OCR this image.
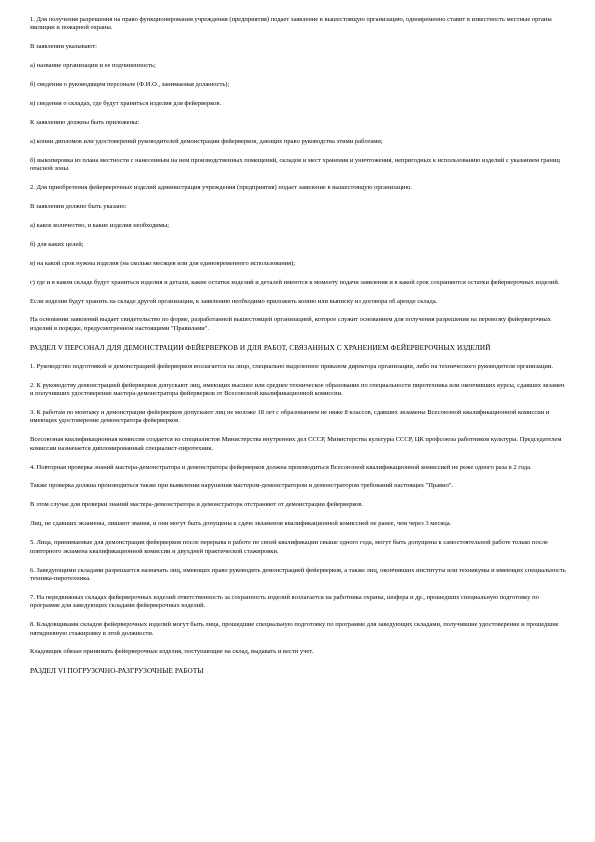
1. Для получения разрешения на право функционирования учреждения (предприятия) подает заявление в вышестоящую организацию, одновременно ставит в известность местные органы милиции и пожарной охраны.

В заявлении указывают:

а) название организации и ее подчиненность;

б) сведения о руководящем персонале (Ф.И.О., занимаемая должность);

в) сведения о складах, где будут храниться изделия для фейерверков.

К заявлению должны быть приложены:

а) копии дипломов или удостоверений руководителей демонстрации фейерверков, дающих право руководства этими работами;

б) выкопировка из плана местности с нанесенным на нем производственных помещений, складов и мест хранения и уничтожения, непригодных к использованию изделий с указанием границ опасной зоны.

2. Для приобретения фейерверочных изделий администрация учреждения (предприятия) подает заявление в вышестоящую организацию.

В заявлении должно быть указано:

а) какое количество, и какие изделия необходимы;

б) для каких целей;

в) на какой срок нужны изделия (на сколько месяцев или для единовременного использования);

г) где и в каком складе будут храниться изделия и детали, какие остатки изделий и деталей имеются к моменту подачи заявления и в какой срок сохраняются остатки фейерверочных изделий.

Если изделия будут хранить на складе другой организации, к заявлению необходимо приложить копию или выписку из договора об аренде склада.

На основании заявлений выдает свидетельство по форме, разработанной вышестоящей организацией, которое служит основанием для получения разрешения на перевозку фейерверочных изделий в порядке, предусмотренном настоящими "Правилами".

РАЗДЕЛ V ПЕРСОНАЛ ДЛЯ ДЕМОНСТРАЦИИ ФЕЙЕРВЕРКОВ И ДЛЯ РАБОТ, СВЯЗАННЫХ С ХРАНЕНИЕМ ФЕЙЕРВЕРОЧНЫХ ИЗДЕЛИЙ

1. Руководство подготовкой и демонстрацией фейерверков возлагается на лицо, специально выделенное приказом директора организации, либо на технического руководителя организации.

2. К руководству демонстрацией фейерверков допускают лиц, имеющих высшее или среднее техническое образование по специальности пиротехника или окончивших курсы, сдавших экзамен и получивших удостоверение мастера-демонстратора фейерверков от Всесоюзной квалификационной комиссии.

3. К работам по монтажу и демонстрации фейерверков допускают лиц не моложе 18 лет с образованием не ниже 8 классов, сдавших экзамены Всесоюзной квалификационной комиссии и имеющих удостоверение демонстратора фейерверков.

Всесоюзная квалификационная комиссия создается из специалистов Министерства внутренних дел СССР, Министерства культуры СССР, ЦК профсоюза работников культуры. Председателем комиссии назначается дипломированный специалист-пиротехник.

4. Повторная проверка знаний мастера-демонстратора и демонстратора фейерверков должна производиться Всесоюзной квалификационной комиссией не реже одного раза в 2 года.

Также проверка должна производиться также при выявлении нарушения мастером-демонстратором и демонстратором требований настоящих "Правил".

В этом случае для проверки знаний мастера-демонстратора и демонстратора отстраняют от демонстрации фейерверков.

Лиц, не сдавших экзамены, лишают звания, и они могут быть допущены к сдаче экзаменов квалификационной комиссией не ранее, чем через 3 месяца.

5. Лица, принимаемые для демонстрации фейерверков после перерыва в работе по своей квалификации свыше одного года, могут быть допущены к самостоятельной работе только после повторного экзамена квалификационной комиссии и двухдней практической стажировки.

6. Заведующими складами разрешается назначать лиц, имеющих право руководить демонстрацией фейерверков, а также лиц, окончивших институты или техникумы и имеющих специальность техника-пиротехника.

7. На передвижных складах фейерверочных изделий ответственность за сохранность изделий возлагается на работника охраны, шофера и др., прошедших специальную подготовку по программе для заведующих складами фейерверочных изделий.

8. Кладовщиками складов фейерверочных изделий могут быть лица, прошедшие специальную подготовку по программе для заведующих складами, получившие удостоверение и прошедшие пятидневную стажировку в этой должности.

Кладовщик обязан принимать фейерверочные изделия, поступающие на склад, выдавать и вести учет.

РАЗДЕЛ VI ПОГРУЗОЧНО-РАЗГРУЗОЧНЫЕ РАБОТЫ
